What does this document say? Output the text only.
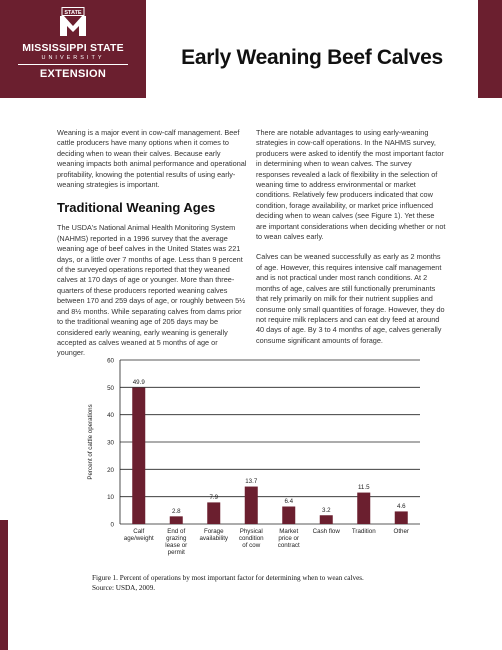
STATE
MISSISSIPPI STATE
UNIVERSITY
EXTENSION
Early Weaning Beef Calves

Weaning is a major event in cow-calf management. Beef cattle producers have many options when it comes to deciding when to wean their calves. Because early weaning impacts both animal performance and operational profitability, knowing the potential results of using early-weaning strategies is important.

Traditional Weaning Ages

The USDA's National Animal Health Monitoring System (NAHMS) reported in a 1996 survey that the average weaning age of beef calves in the United States was 221 days, or a little over 7 months of age. Less than 9 percent of the surveyed operations reported that they weaned calves at 170 days of age or younger. More than three-quarters of these producers reported weaning calves between 170 and 259 days of age, or roughly between 5½ and 8½ months. While separating calves from dams prior to the traditional weaning age of 205 days may be considered early weaning, early weaning is generally accepted as calves weaned at 5 months of age or younger.

There are notable advantages to using early-weaning strategies in cow-calf operations. In the NAHMS survey, producers were asked to identify the most important factor in determining when to wean calves. The survey responses revealed a lack of flexibility in the selection of weaning time to address environmental or market conditions. Relatively few producers indicated that cow condition, forage availability, or market price influenced deciding when to wean calves (see Figure 1). Yet these are important considerations when deciding whether or not to wean calves early.

Calves can be weaned successfully as early as 2 months of age. However, this requires intensive calf management and is not practical under most ranch conditions. At 2 months of age, calves are still functionally preruminants that rely primarily on milk for their nutrient supplies and consume only small quantities of forage. However, they do not require milk replacers and can eat dry feed at around 40 days of age. By 3 to 4 months of age, calves generally consume significant amounts of forage.

0
10
20
30
40
50
60
Percent of cattle operations
49.9
Calf age/weight
2.8
End of grazing lease or permit
7.9
Forage availability
13.7
Physical condition of cow
6.4
Market price or contract
3.2
Cash flow
11.5
Tradition
4.6
Other
Figure 1. Percent of operations by most important factor for determining when to wean calves.
Source: USDA, 2009.
